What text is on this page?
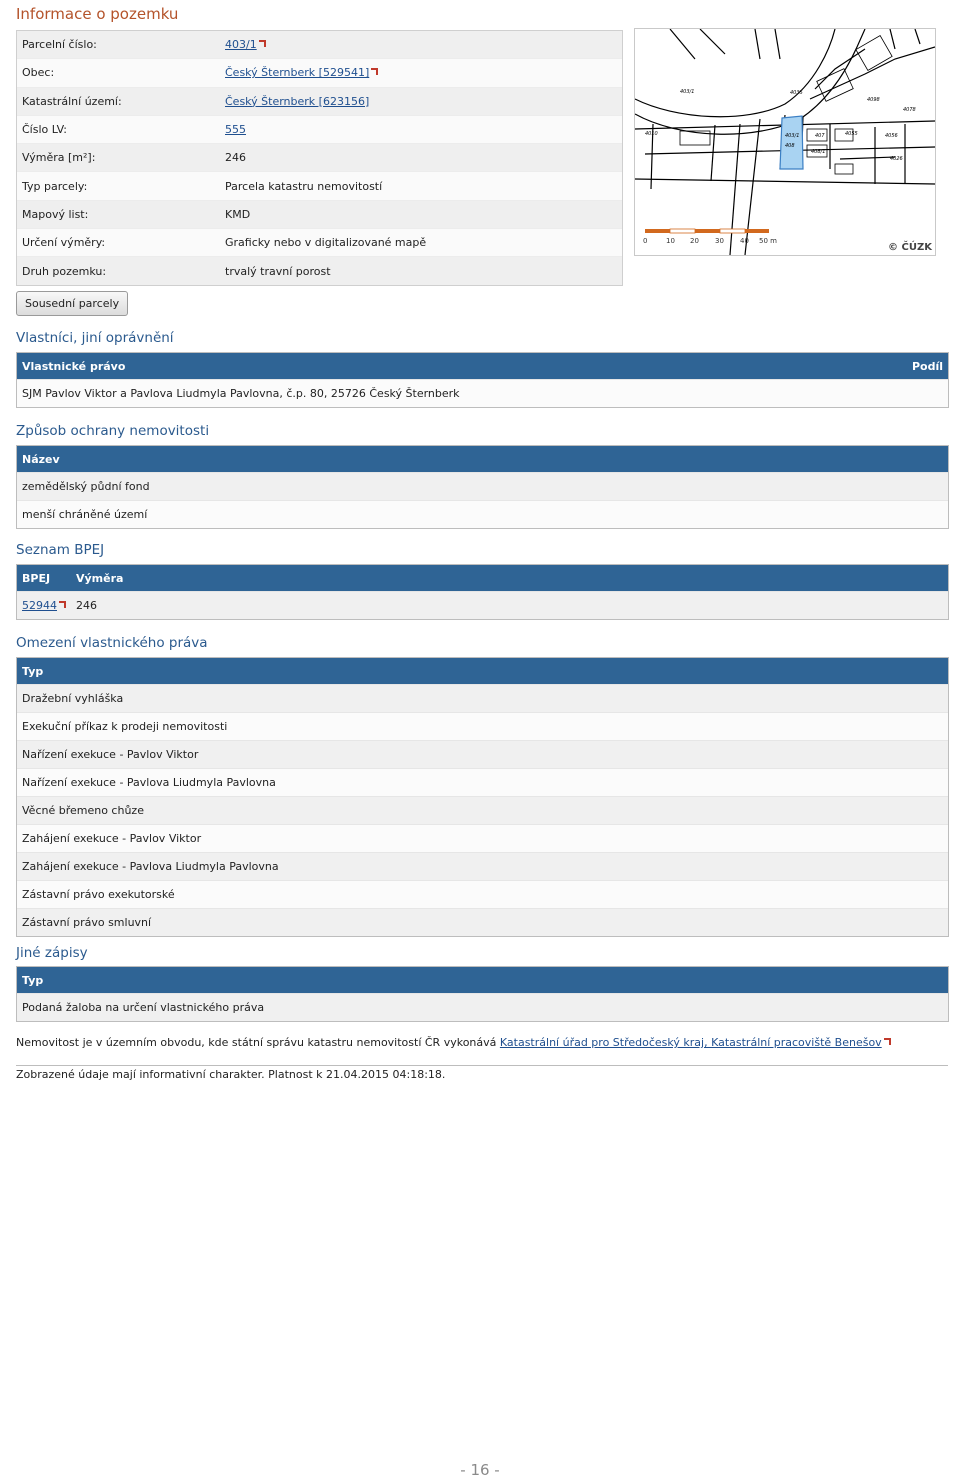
Informace o pozemku
Parcelní číslo:	403/1
Obec:	Český Šternberk [529541]
Katastrální území:	Český Šternberk [623156]
Číslo LV:	555
Výměra [m²]:	246
Typ parcely:	Parcela katastru nemovitostí
Mapový list:	KMD
Určení výměry:	Graficky nebo v digitalizované mapě
Druh pozemku:	trvalý travní porost
403/1
403/1
408
407
408/1
4055	4056
4026
4010
4035
4078
4098
0	10 20 30 40 50 m
© ČÚZK
Sousední parcely
Vlastníci, jiní oprávnění
Vlastnické právo	Podíl
SJM Pavlov Viktor a Pavlova Liudmyla Pavlovna, č.p. 80, 25726 Český Šternberk
Způsob ochrany nemovitosti
Název
zemědělský půdní fond
menší chráněné území
Seznam BPEJ
BPEJ	Výměra
52944	246
Omezení vlastnického práva
Typ
Dražební vyhláška
Exekuční příkaz k prodeji nemovitosti
Nařízení exekuce - Pavlov Viktor
Nařízení exekuce - Pavlova Liudmyla Pavlovna
Věcné břemeno chůze
Zahájení exekuce - Pavlov Viktor
Zahájení exekuce - Pavlova Liudmyla Pavlovna
Zástavní právo exekutorské
Zástavní právo smluvní
Jiné zápisy
Typ
Podaná žaloba na určení vlastnického práva
Nemovitost je v územním obvodu, kde státní správu katastru nemovitostí ČR vykonává Katastrální úřad pro Středočeský kraj, Katastrální pracoviště Benešov
Zobrazené údaje mají informativní charakter. Platnost k 21.04.2015 04:18:18.
- 16 -
